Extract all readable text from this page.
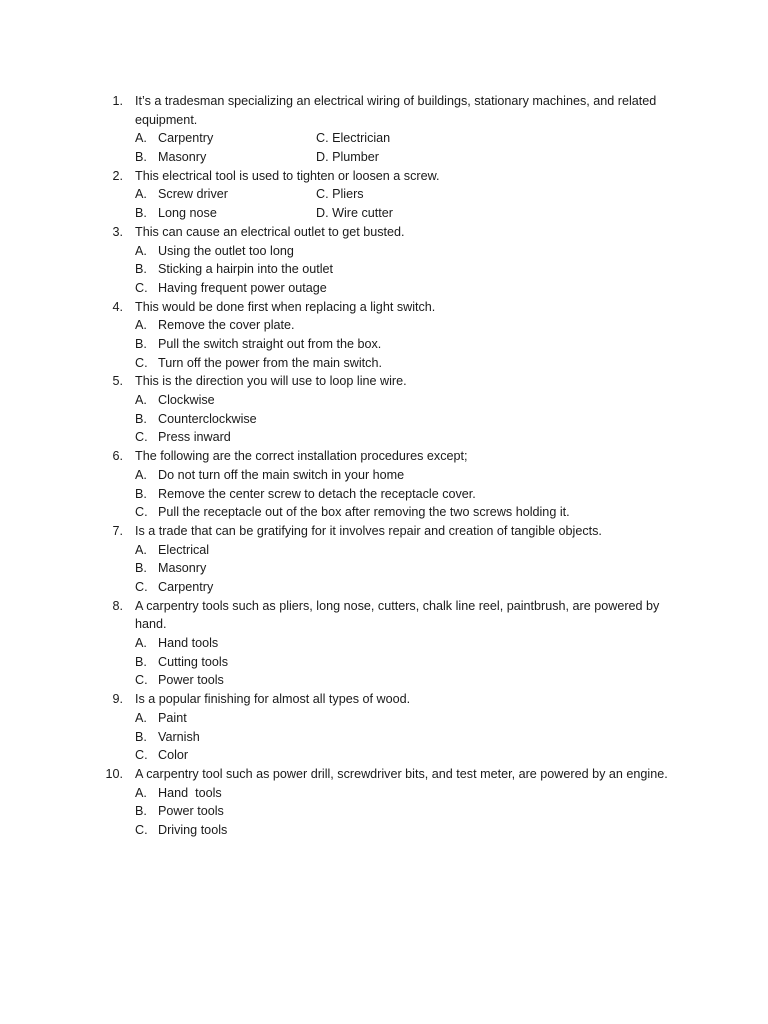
1. It’s a tradesman specializing an electrical wiring of buildings, stationary machines, and related equipment.
A. Carpentry	C. Electrician
B. Masonry	D. Plumber
2. This electrical tool is used to tighten or loosen a screw.
A. Screw driver	C. Pliers
B. Long nose	D. Wire cutter
3. This can cause an electrical outlet to get busted.
A. Using the outlet too long
B. Sticking a hairpin into the outlet
C. Having frequent power outage
4. This would be done first when replacing a light switch.
A. Remove the cover plate.
B. Pull the switch straight out from the box.
C. Turn off the power from the main switch.
5. This is the direction you will use to loop line wire.
A. Clockwise
B. Counterclockwise
C. Press inward
6. The following are the correct installation procedures except;
A. Do not turn off the main switch in your home
B. Remove the center screw to detach the receptacle cover.
C. Pull the receptacle out of the box after removing the two screws holding it.
7. Is a trade that can be gratifying for it involves repair and creation of tangible objects.
A. Electrical
B. Masonry
C. Carpentry
8. A carpentry tools such as pliers, long nose, cutters, chalk line reel, paintbrush, are powered by hand.
A. Hand tools
B. Cutting tools
C. Power tools
9. Is a popular finishing for almost all types of wood.
A. Paint
B. Varnish
C. Color
10. A carpentry tool such as power drill, screwdriver bits, and test meter, are powered by an engine.
A. Hand  tools
B. Power tools
C. Driving tools
